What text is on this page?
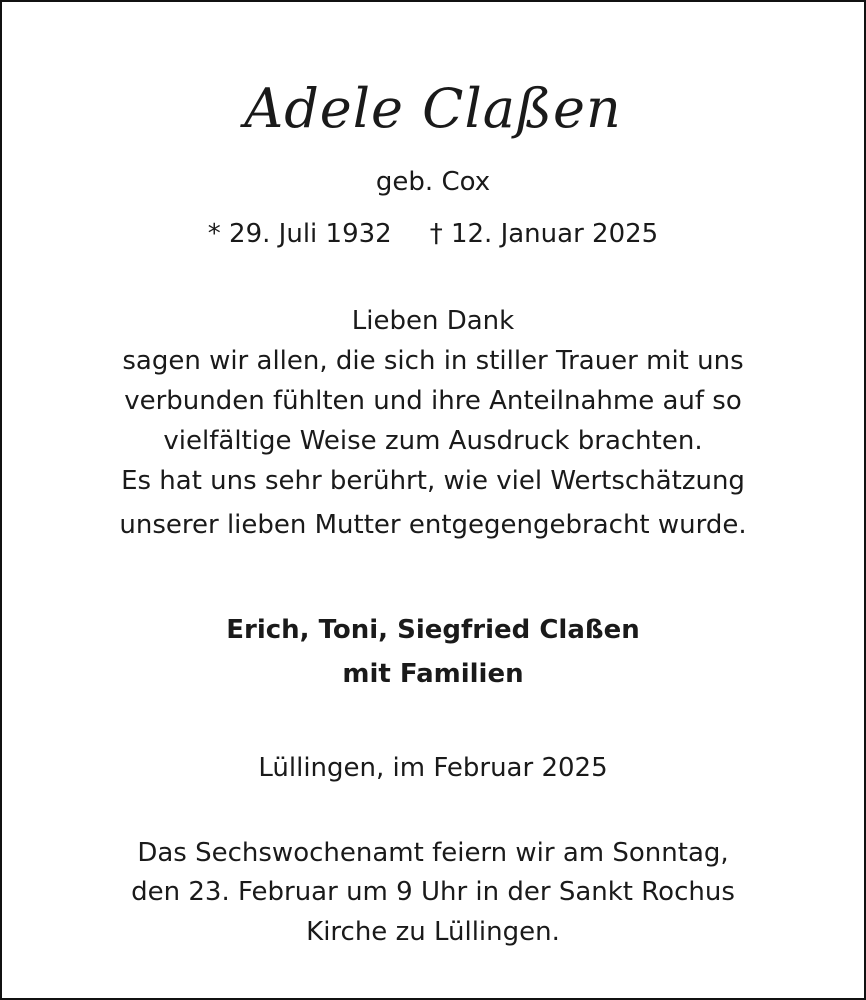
Adele Claßen
geb. Cox
* 29. Juli 1932 † 12. Januar 2025
Lieben Dank
sagen wir allen, die sich in stiller Trauer mit uns
verbunden fühlten und ihre Anteilnahme auf so
vielfältige Weise zum Ausdruck brachten.
Es hat uns sehr berührt, wie viel Wertschätzung
unserer lieben Mutter entgegengebracht wurde.
Erich, Toni, Siegfried Claßen
mit Familien
Lüllingen, im Februar 2025
Das Sechswochenamt feiern wir am Sonntag,
den 23. Februar um 9 Uhr in der Sankt Rochus
Kirche zu Lüllingen.
